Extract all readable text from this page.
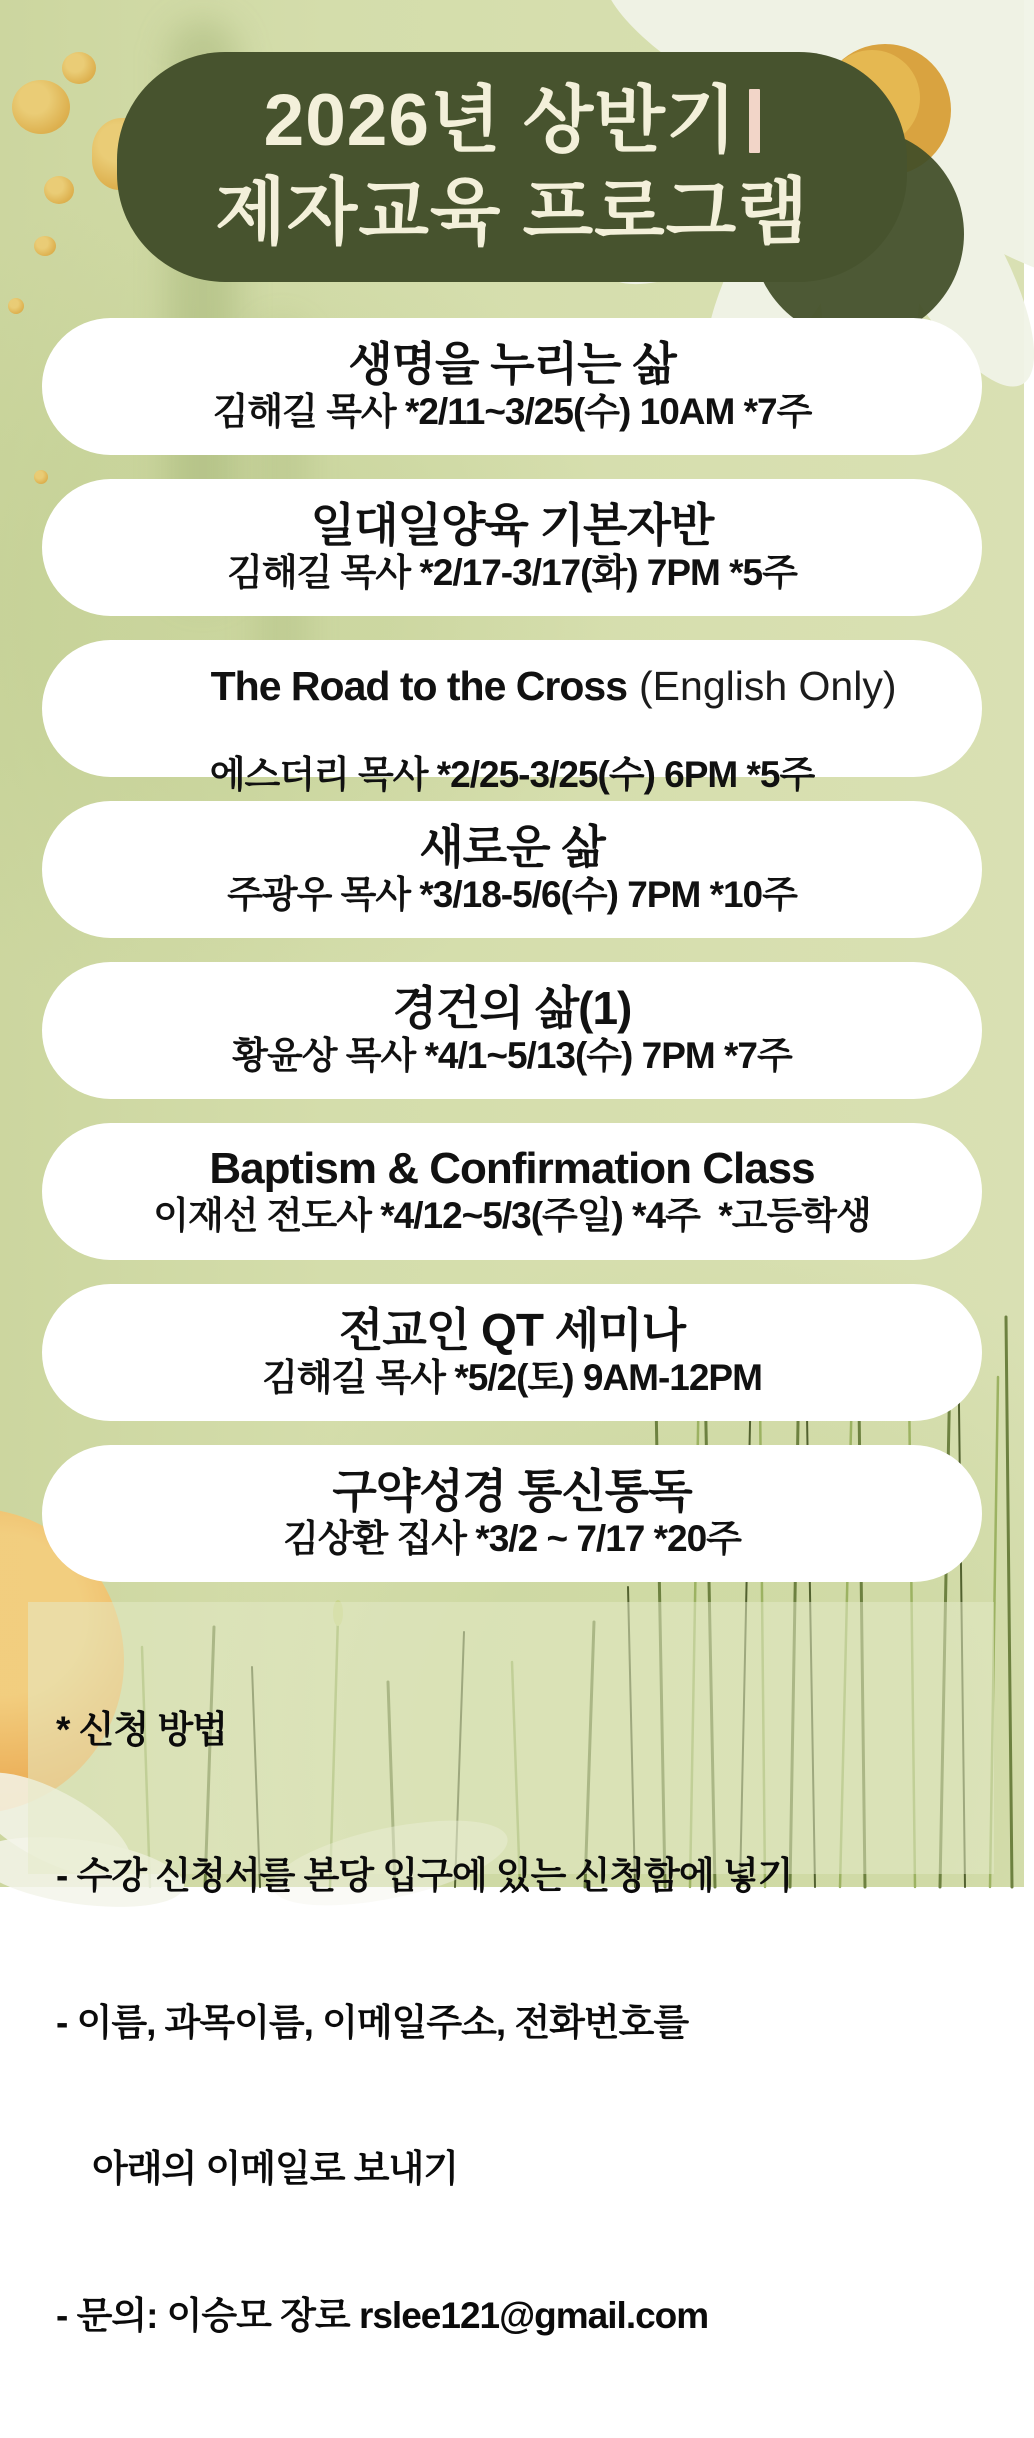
2026년 상반기
제자교육 프로그램
생명을 누리는 삶
김해길 목사 *2/11~3/25(수) 10AM *7주
일대일양육 기본자반
김해길 목사 *2/17-3/17(화) 7PM *5주

The Road to the Cross (English Only)

에스더리 목사 *2/25-3/25(수) 6PM *5주
새로운 삶
주광우 목사 *3/18-5/6(수) 7PM *10주
경건의 삶(1)
황윤상 목사 *4/1~5/13(수) 7PM *7주
Baptism & Confirmation Class
이재선 전도사 *4/12~5/3(주일) *4주  *고등학생
전교인 QT 세미나
김해길 목사 *5/2(토) 9AM-12PM
구약성경 통신통독
김상환 집사 *3/2 ~ 7/17 *20주

* 신청 방법

- 수강 신청서를 본당 입구에 있는 신청함에 넣기

- 이름, 과목이름, 이메일주소, 전화번호를

아래의 이메일로 보내기

- 문의: 이승모 장로 rslee121@gmail.com
